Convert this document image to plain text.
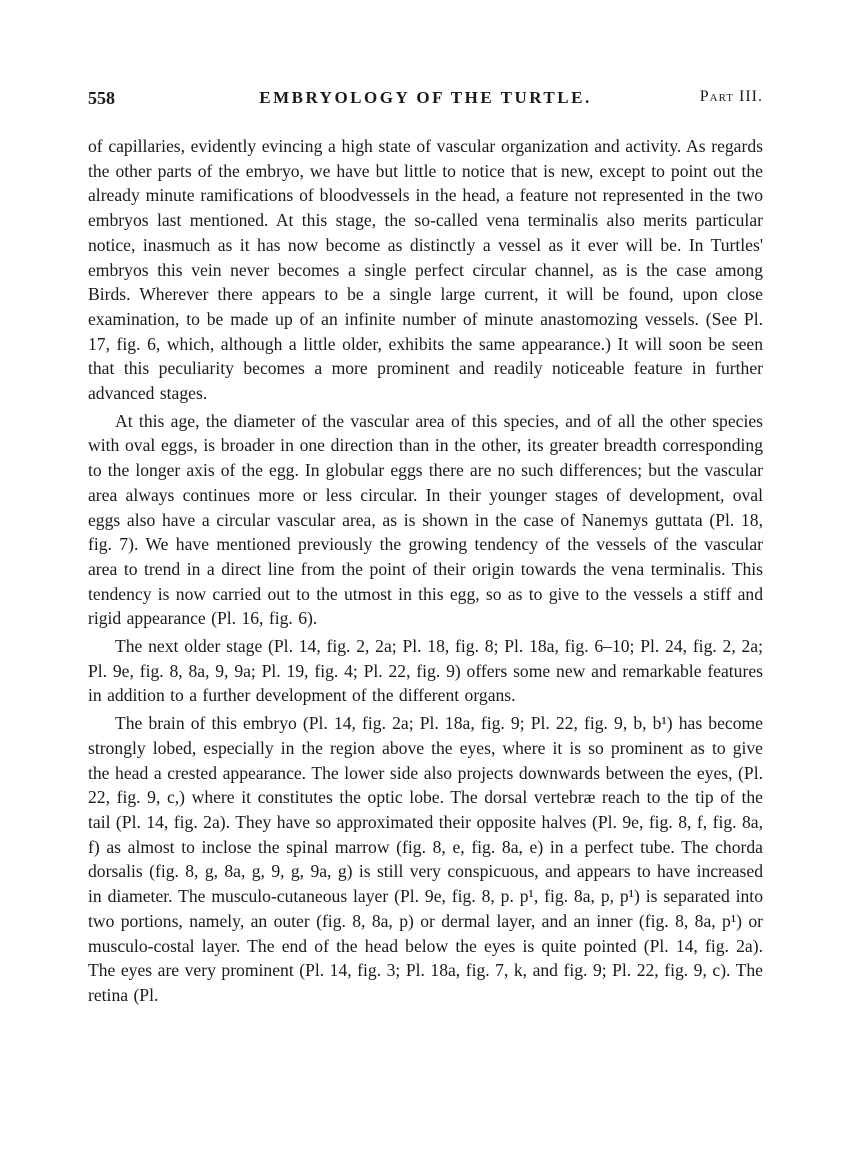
558	EMBRYOLOGY OF THE TURTLE.	Part III.

of capillaries, evidently evincing a high state of vascular organization and activity. As regards the other parts of the embryo, we have but little to notice that is new, except to point out the already minute ramifications of bloodvessels in the head, a feature not represented in the two embryos last mentioned. At this stage, the so-called vena terminalis also merits particular notice, inasmuch as it has now become as distinctly a vessel as it ever will be. In Turtles' embryos this vein never becomes a single perfect circular channel, as is the case among Birds. Wherever there appears to be a single large current, it will be found, upon close examination, to be made up of an infinite number of minute anastomozing vessels. (See Pl. 17, fig. 6, which, although a little older, exhibits the same appearance.) It will soon be seen that this peculiarity becomes a more prominent and readily noticeable feature in further advanced stages.

At this age, the diameter of the vascular area of this species, and of all the other species with oval eggs, is broader in one direction than in the other, its greater breadth corresponding to the longer axis of the egg. In globular eggs there are no such differences; but the vascular area always continues more or less circular. In their younger stages of development, oval eggs also have a circular vascular area, as is shown in the case of Nanemys guttata (Pl. 18, fig. 7). We have mentioned previously the growing tendency of the vessels of the vascular area to trend in a direct line from the point of their origin towards the vena terminalis. This tendency is now carried out to the utmost in this egg, so as to give to the vessels a stiff and rigid appearance (Pl. 16, fig. 6).

The next older stage (Pl. 14, fig. 2, 2a; Pl. 18, fig. 8; Pl. 18a, fig. 6–10; Pl. 24, fig. 2, 2a; Pl. 9e, fig. 8, 8a, 9, 9a; Pl. 19, fig. 4; Pl. 22, fig. 9) offers some new and remarkable features in addition to a further development of the different organs.

The brain of this embryo (Pl. 14, fig. 2a; Pl. 18a, fig. 9; Pl. 22, fig. 9, b, b¹) has become strongly lobed, especially in the region above the eyes, where it is so prominent as to give the head a crested appearance. The lower side also projects downwards between the eyes, (Pl. 22, fig. 9, c,) where it constitutes the optic lobe. The dorsal vertebræ reach to the tip of the tail (Pl. 14, fig. 2a). They have so approximated their opposite halves (Pl. 9e, fig. 8, f, fig. 8a, f) as almost to inclose the spinal marrow (fig. 8, e, fig. 8a, e) in a perfect tube. The chorda dorsalis (fig. 8, g, 8a, g, 9, g, 9a, g) is still very conspicuous, and appears to have increased in diameter. The musculo-cutaneous layer (Pl. 9e, fig. 8, p. p¹, fig. 8a, p, p¹) is separated into two portions, namely, an outer (fig. 8, 8a, p) or dermal layer, and an inner (fig. 8, 8a, p¹) or musculo-costal layer. The end of the head below the eyes is quite pointed (Pl. 14, fig. 2a). The eyes are very prominent (Pl. 14, fig. 3; Pl. 18a, fig. 7, k, and fig. 9; Pl. 22, fig. 9, c). The retina (Pl.
